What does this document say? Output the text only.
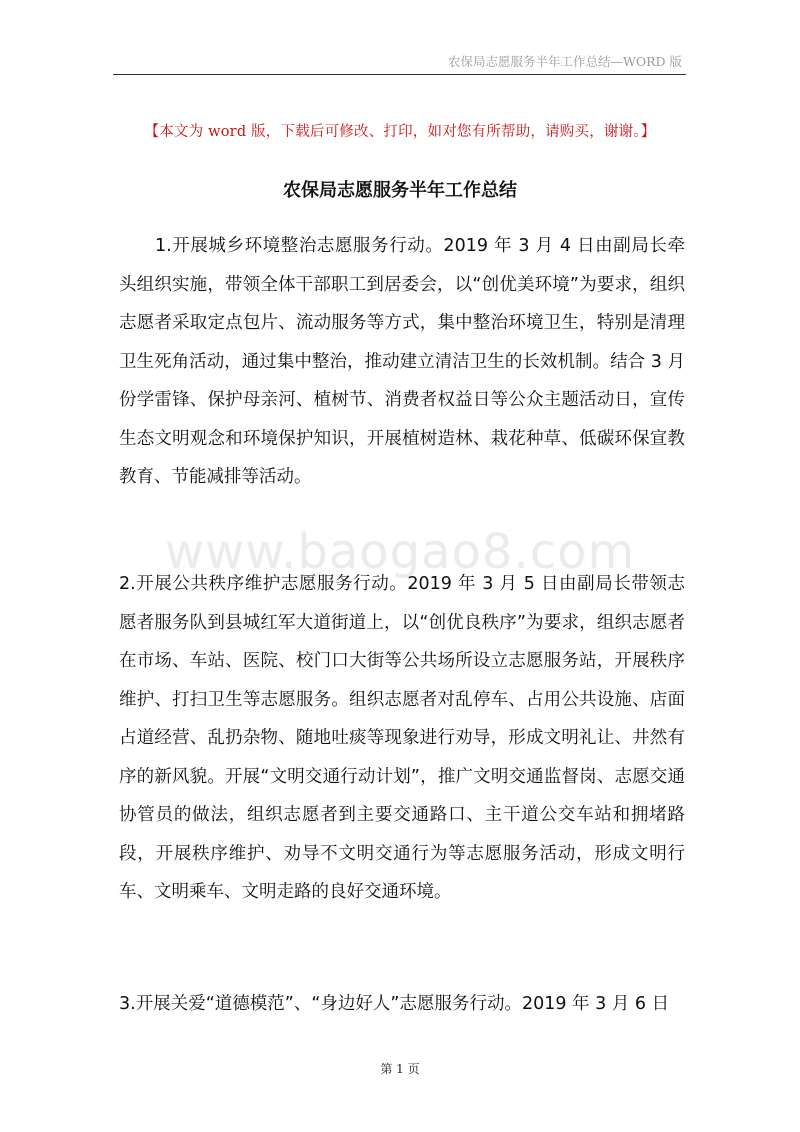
农保局志愿服务半年工作总结—WORD 版
【本文为 word 版，下载后可修改、打印，如对您有所帮助，请购买，谢谢。】
农保局志愿服务半年工作总结

1.开展城乡环境整治志愿服务行动。2019 年 3 月 4 日由副局长牵头组织实施，带领全体干部职工到居委会，以“创优美环境”为要求，组织志愿者采取定点包片、流动服务等方式，集中整治环境卫生，特别是清理卫生死角活动，通过集中整治，推动建立清洁卫生的长效机制。结合 3 月份学雷锋、保护母亲河、植树节、消费者权益日等公众主题活动日，宣传生态文明观念和环境保护知识，开展植树造林、栽花种草、低碳环保宣教教育、节能减排等活动。

www.baogao8.com

2.开展公共秩序维护志愿服务行动。2019 年 3 月 5 日由副局长带领志愿者服务队到县城红军大道街道上，以“创优良秩序”为要求，组织志愿者在市场、车站、医院、校门口大街等公共场所设立志愿服务站，开展秩序维护、打扫卫生等志愿服务。组织志愿者对乱停车、占用公共设施、店面占道经营、乱扔杂物、随地吐痰等现象进行劝导，形成文明礼让、井然有序的新风貌。开展“文明交通行动计划”，推广文明交通监督岗、志愿交通协管员的做法，组织志愿者到主要交通路口、主干道公交车站和拥堵路段，开展秩序维护、劝导不文明交通行为等志愿服务活动，形成文明行车、文明乘车、文明走路的良好交通环境。

3.开展关爱“道德模范”、“身边好人”志愿服务行动。2019 年 3 月 6 日

第 1 页
